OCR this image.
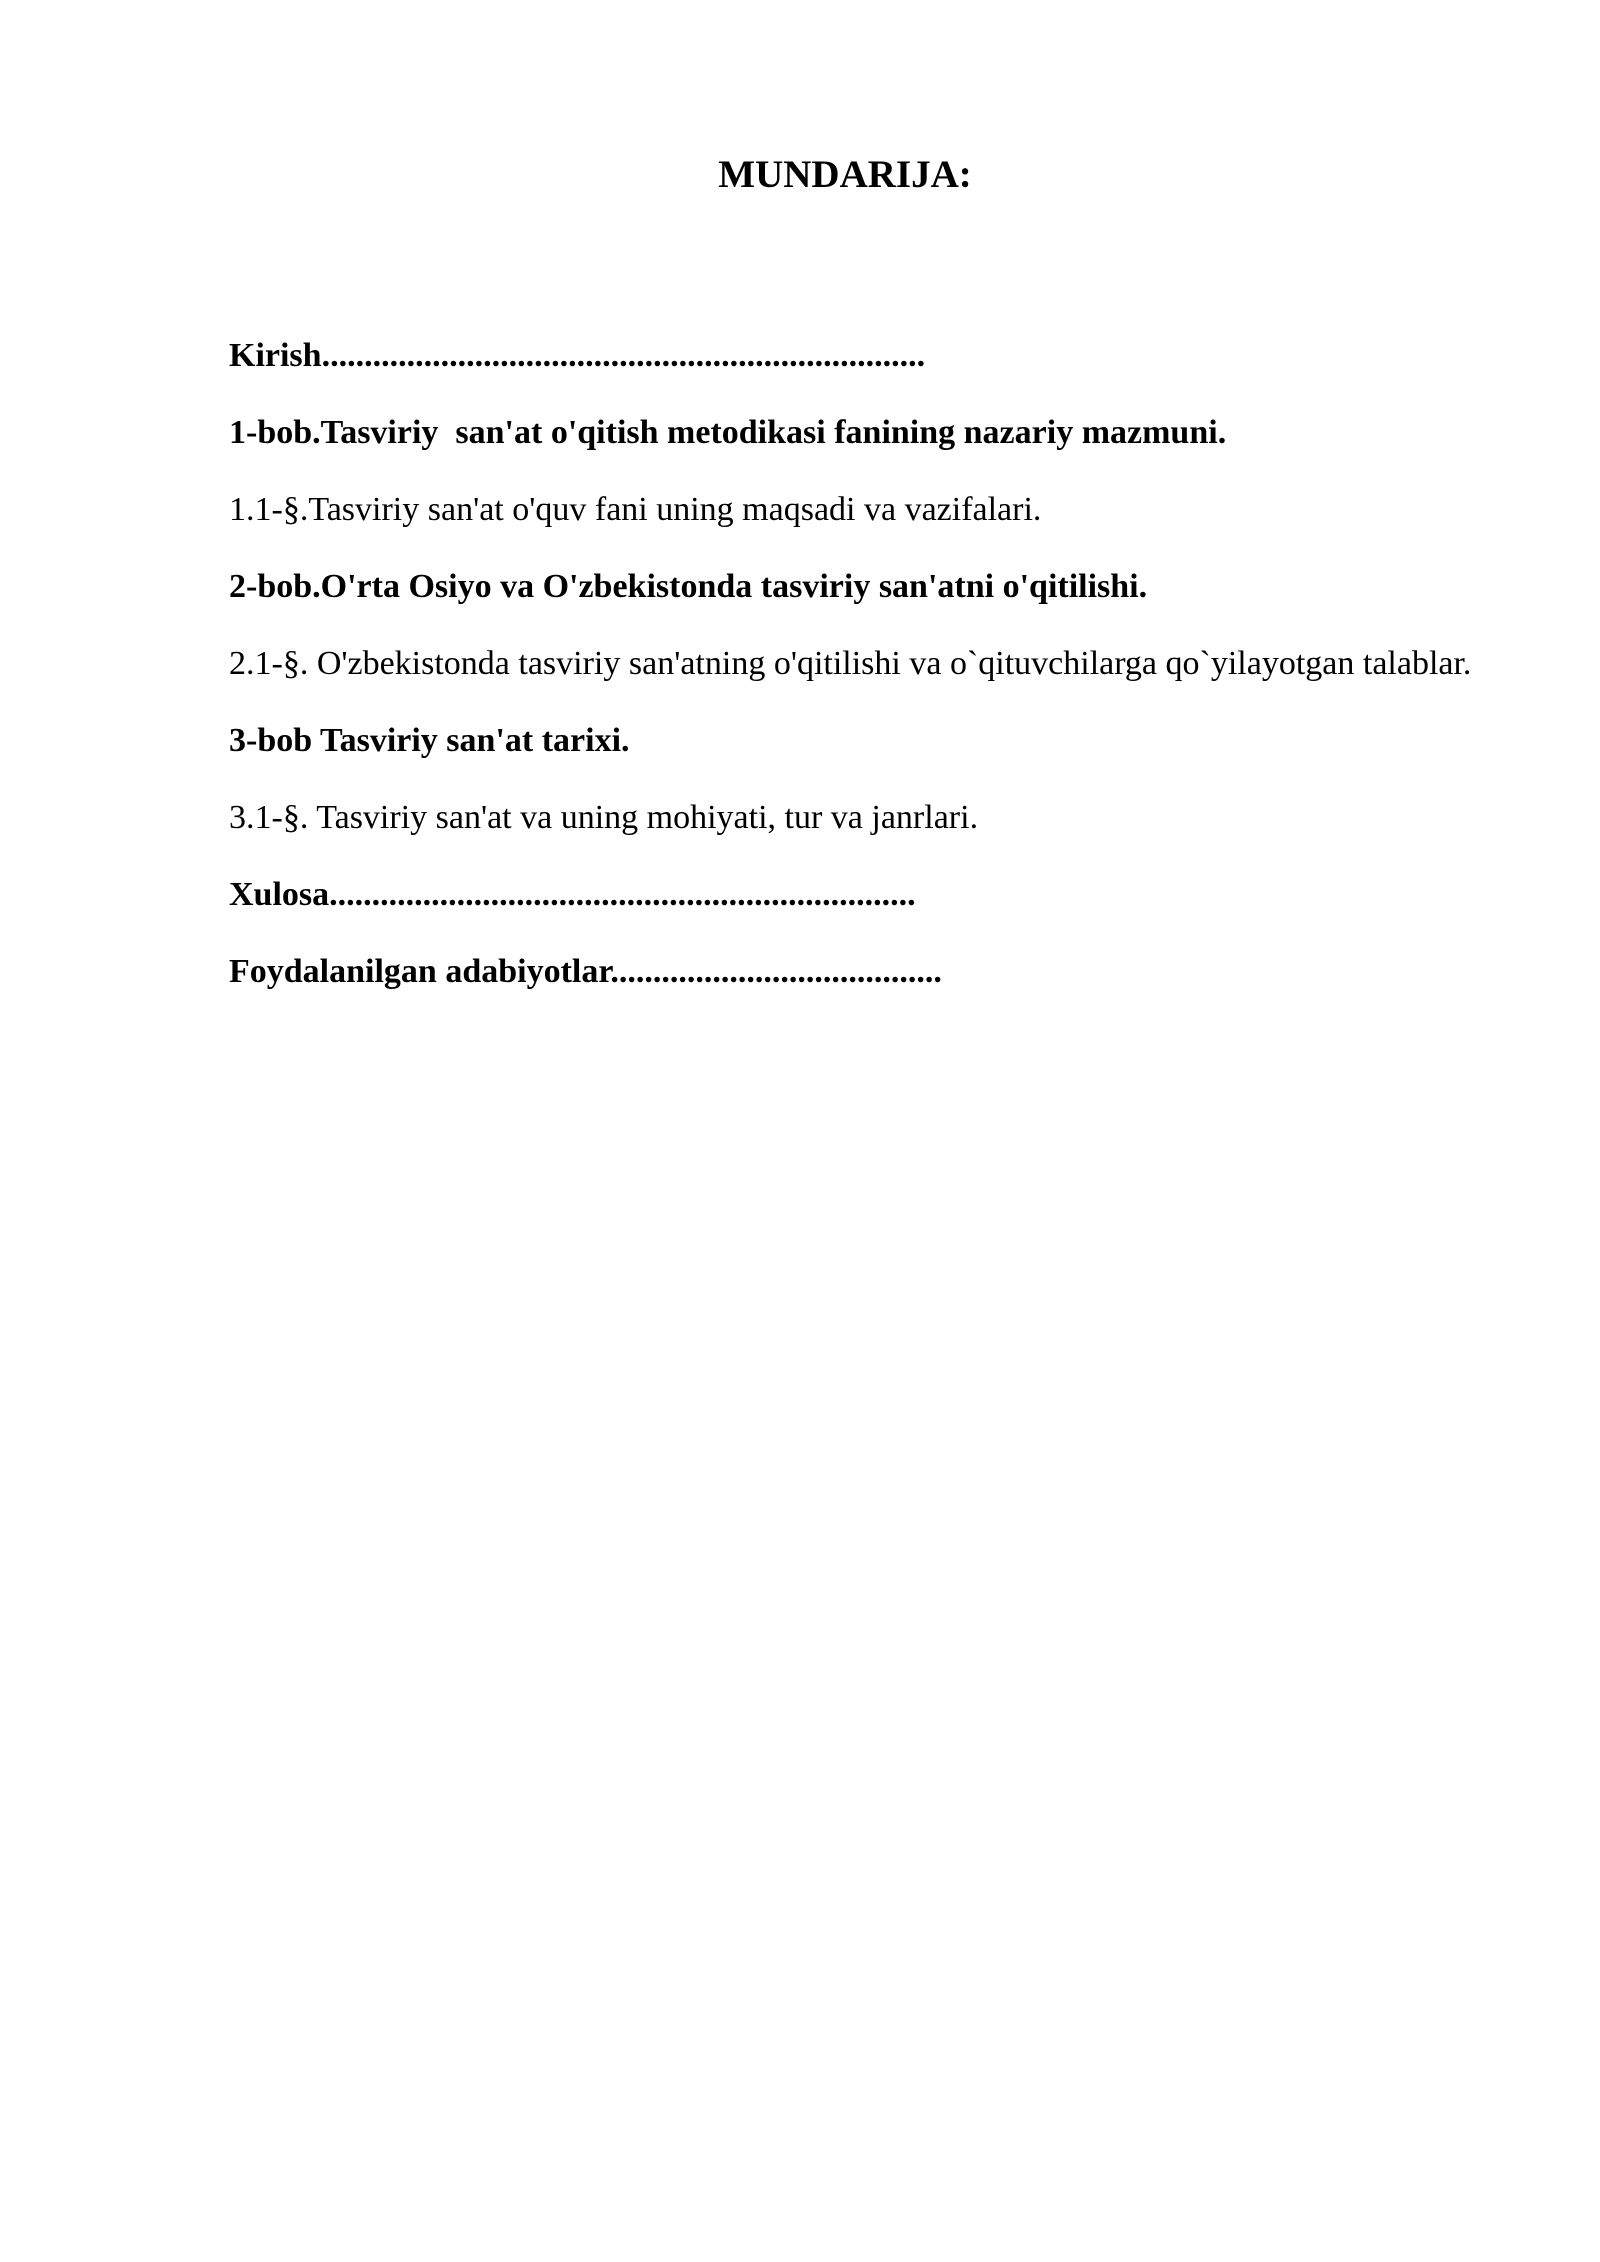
MUNDARIJA:

Kirish.......................................................................

1-bob.Tasviriy  san'at o'qitish metodikasi fanining nazariy mazmuni.

1.1-§.Tasviriy san'at o'quv fani uning maqsadi va vazifalari.

2-bob.O'rta Osiyo va O'zbekistonda tasviriy san'atni o'qitilishi.

2.1-§. O'zbekistonda tasviriy san'atning o'qitilishi va o`qituvchilarga qo`yilayotgan talablar.

3-bob Tasviriy san'at tarixi.

3.1-§. Tasviriy san'at va uning mohiyati, tur va janrlari.

Xulosa.....................................................................

Foydalanilgan adabiyotlar.......................................
